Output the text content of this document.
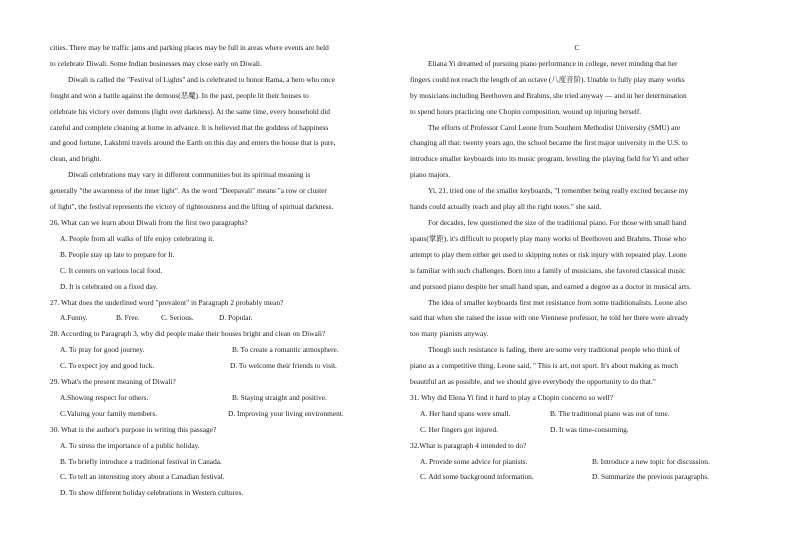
cities. There may be traffic jams and parking places may be full in areas where events are held

to celebrate Diwali. Some Indian businesses may close early on Diwali.

Diwali is called the "Festival of Lights" and is celebrated to honor Rama, a hero who once

fought and won a battle against the demons(恶魔). In the past, people lit their houses to

celebrate his victory over demons (light over darkness). At the same time, every household did

careful and complete cleaning at home in advance. It is believed that the goddess of happiness

and good fortune, Lakshmi travels around the Earth on this day and enters the house that is pure,

clean, and bright.

Diwali celebrations may vary in different communities but its spiritual meaning is

generally "the awareness of the inner light". As the word "Deepavali" means "a row or cluster

of light", the festival represents the victory of righteousness and the lifting of spiritual darkness.

26. What can we learn about Diwali from the first two paragraphs?

A. People from all walks of life enjoy celebrating it.

B. People stay up late to prepare for It.

C. It centers on various local food.

D. It is celebrated on a fixed day.

27. What does the underlined word "prevalent" in Paragraph 2 probably mean?

A.Funny.	B. Free.	C. Serious.	D. Popular.

28. According to Paragraph 3, why did people make their houses bright and clean on Diwali?

A. To pray for good journey.	B. To create a romantic atmosphere.
C. To expect joy and good luck.	D. To welcome their friends to visit.

29. What's the present meaning of Diwali?

A.Showing respect for others.	B. Staying straight and positive.
C.Valuing your family members.	D. Improving your living environment.

30. What is the author's purpose in writing this passage?

A. To stress the importance of a public holiday.

B. To briefly introduce a traditional festival in Canada.

C. To tell an interesting story about a Canadian festival.

D. To show different holiday celebrations in Western cultures.

C

Eliana Yi dreamed of pursuing piano performance in college, never minding that her

fingers could not reach the length of an octave (八度音阶). Unable to fully play many works

by musicians including Beethoven and Brahms, she tried anyway — and in her determination

to spend hours practicing one Chopin composition, wound up injuring herself.

The efforts of Professor Carol Leone from Southern Methodist University (SMU) are

changing all that: twenty years ago, the school became the first major university in the U.S. to

introduce smaller keyboards into its music program, leveling the playing field for Yi and other

piano majors.

Yi, 21, tried one of the smaller keyboards, "I remember being really excited because my

hands could actually reach and play all the right notes." she said.

For decades, few questioned the size of the traditional piano. For those with small hand

spans(掌距), it's difficult to properly play many works of Beethoven and Brahms. Those who

attempt to play them either get used to skipping notes or risk injury with repeated play. Leone

is familiar with such challenges. Born into a family of musicians, she favored classical music

and pursued piano despite her small hand span, and earned a degree as a doctor in musical arts.

The idea of smaller keyboards first met resistance from some traditionalists. Leone also

said that when she raised the issue with one Viennese professor, he told her there were already

too many pianists anyway.

Though such resistance is fading, there are some very traditional people who think of

piano as a competitive thing. Leone said, " This is art, not sport. It's about making as much

beautiful art as possible, and we should give everybody the opportunity to do that."

31. Why did Elena Yi find it hard to play a Chopin concerto so well?

A. Her hand spans were small.	B. The traditional piano was out of tune.
C. Her fingers got injured.	D. It was time-consuming.

32.What is paragraph 4 intended to do?

A. Provide some advice for pianists.	B. Introduce a new topic for discussion.
C. Add some background information.	D. Summarize the previous paragraphs.
